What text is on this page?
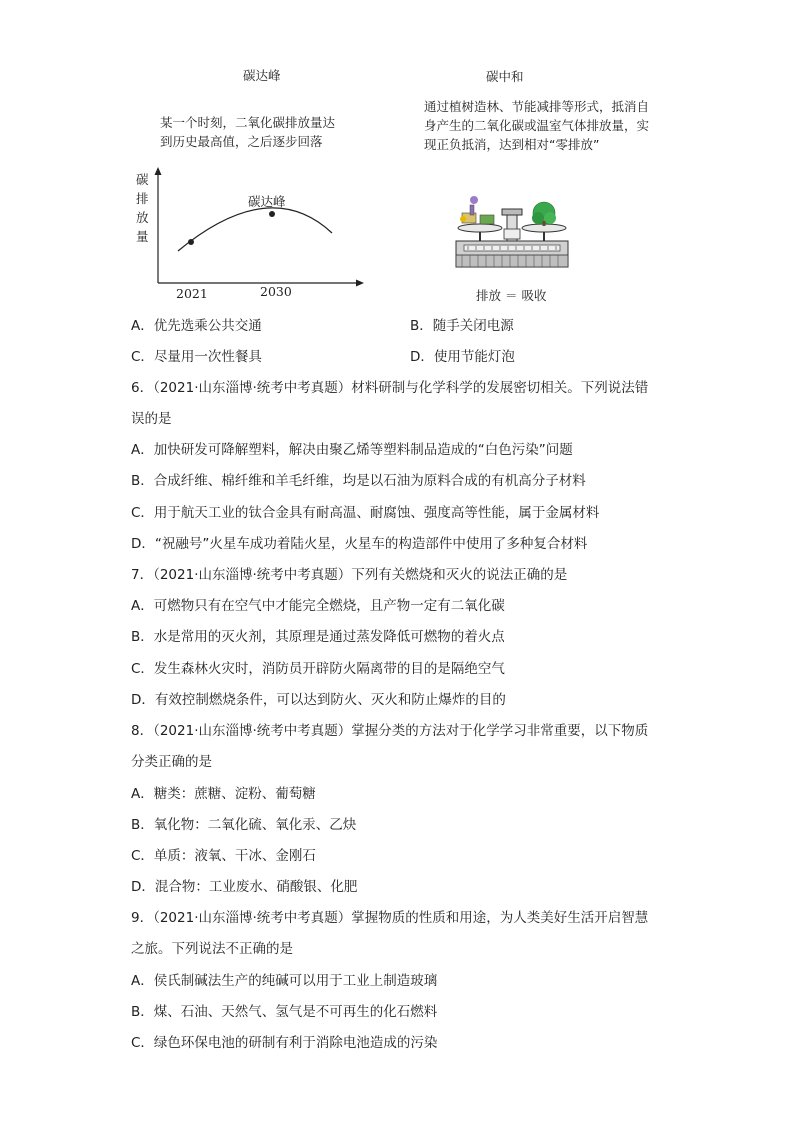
碳达峰
某一个时刻，二氧化碳排放量达
到历史最高值，之后逐步回落
碳
排
放
量
碳达峰
2021	2030
碳中和
通过植树造林、节能减排等形式，抵消自
身产生的二氧化碳或温室气体排放量，实
现正负抵消，达到相对“零排放”
排放 ＝ 吸收
A．优先选乘公共交通	B．随手关闭电源
C．尽量用一次性餐具	D．使用节能灯泡
6．（2021·山东淄博·统考中考真题）材料研制与化学科学的发展密切相关。下列说法错
误的是
A．加快研发可降解塑料，解决由聚乙烯等塑料制品造成的“白色污染”问题
B．合成纤维、棉纤维和羊毛纤维，均是以石油为原料合成的有机高分子材料
C．用于航天工业的钛合金具有耐高温、耐腐蚀、强度高等性能，属于金属材料
D．“祝融号”火星车成功着陆火星，火星车的构造部件中使用了多种复合材料
7．（2021·山东淄博·统考中考真题）下列有关燃烧和灭火的说法正确的是
A．可燃物只有在空气中才能完全燃烧，且产物一定有二氧化碳
B．水是常用的灭火剂，其原理是通过蒸发降低可燃物的着火点
C．发生森林火灾时，消防员开辟防火隔离带的目的是隔绝空气
D．有效控制燃烧条件，可以达到防火、灭火和防止爆炸的目的
8．（2021·山东淄博·统考中考真题）掌握分类的方法对于化学学习非常重要，以下物质
分类正确的是
A．糖类：蔗糖、淀粉、葡萄糖
B．氧化物：二氧化硫、氧化汞、乙炔
C．单质：液氧、干冰、金刚石
D．混合物：工业废水、硝酸银、化肥
9．（2021·山东淄博·统考中考真题）掌握物质的性质和用途，为人类美好生活开启智慧
之旅。下列说法不正确的是
A．侯氏制碱法生产的纯碱可以用于工业上制造玻璃
B．煤、石油、天然气、氢气是不可再生的化石燃料
C．绿色环保电池的研制有利于消除电池造成的污染
